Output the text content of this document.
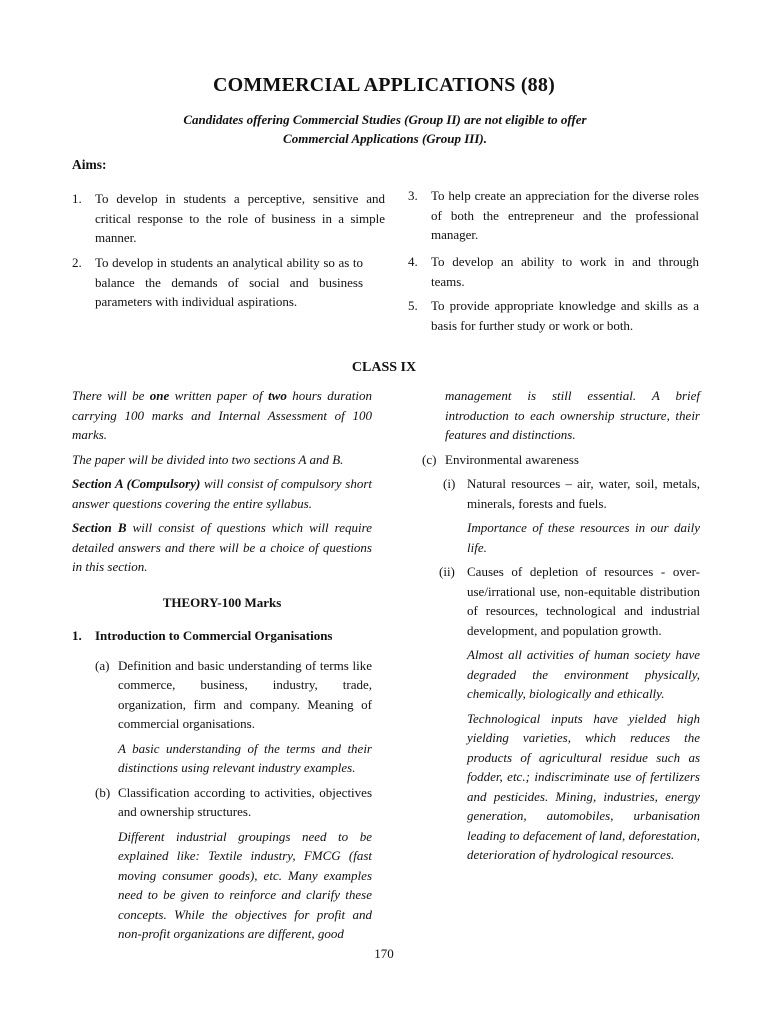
COMMERCIAL APPLICATIONS (88)
Candidates offering Commercial Studies (Group II) are not eligible to offer
Commercial Applications (Group III).
Aims:
1. To develop in students a perceptive, sensitive and critical response to the role of business in a simple manner.
2. To develop in students an analytical ability so as to balance the demands of social and business parameters with individual aspirations.
3. To help create an appreciation for the diverse roles of both the entrepreneur and the professional manager.
4. To develop an ability to work in and through teams.
5. To provide appropriate knowledge and skills as a basis for further study or work or both.
CLASS IX

There will be one written paper of two hours duration carrying 100 marks and Internal Assessment of 100 marks.

The paper will be divided into two sections A and B.

Section A (Compulsory) will consist of compulsory short answer questions covering the entire syllabus.

Section B will consist of questions which will require detailed answers and there will be a choice of questions in this section.

THEORY-100 Marks
1. Introduction to Commercial Organisations
(a) Definition and basic understanding of terms like commerce, business, industry, trade, organization, firm and company. Meaning of commercial organisations.

A basic understanding of the terms and their distinctions using relevant industry examples.

(b) Classification according to activities, objectives and ownership structures.

Different industrial groupings need to be explained like: Textile industry, FMCG (fast moving consumer goods), etc. Many examples need to be given to reinforce and clarify these concepts. While the objectives for profit and non-profit organizations are different, good

management is still essential. A brief introduction to each ownership structure, their features and distinctions.

(c) Environmental awareness
(i) Natural resources – air, water, soil, metals, minerals, forests and fuels.

Importance of these resources in our daily life.

(ii) Causes of depletion of resources - over-use/irrational use, non-equitable distribution of resources, technological and industrial development, and population growth.

Almost all activities of human society have degraded the environment physically, chemically, biologically and ethically.

Technological inputs have yielded high yielding varieties, which reduces the products of agricultural residue such as fodder, etc.; indiscriminate use of fertilizers and pesticides. Mining, industries, energy generation, automobiles, urbanisation leading to defacement of land, deforestation, deterioration of hydrological resources.

170
